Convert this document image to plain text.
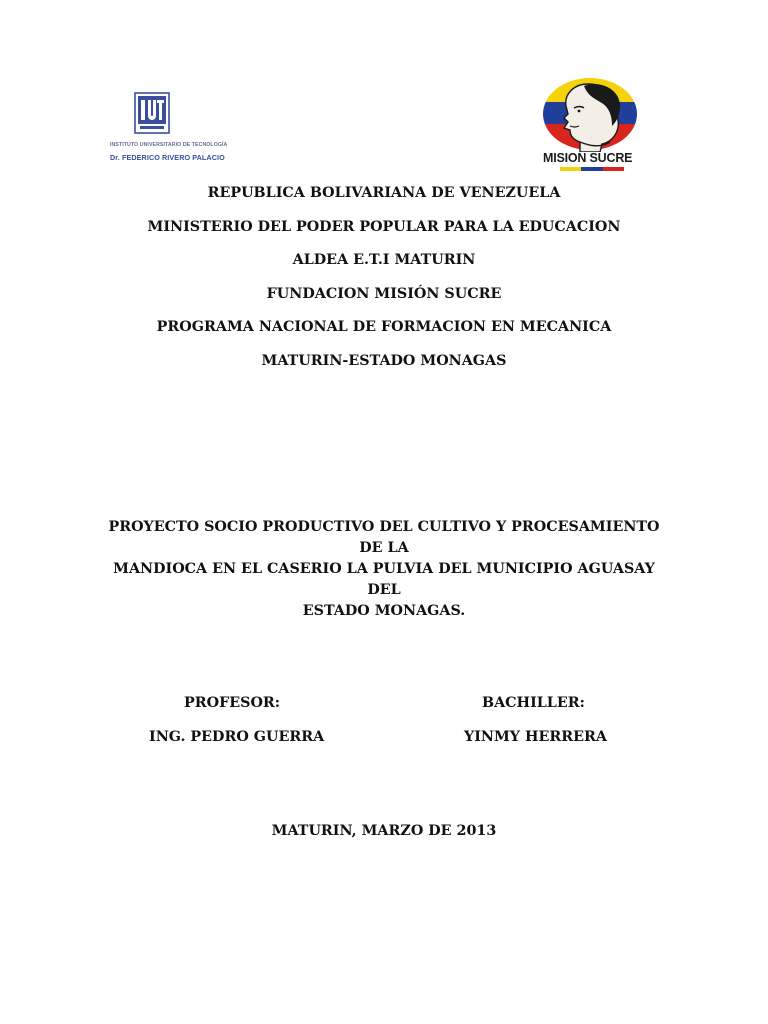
INSTITUTO UNIVERSITARIO DE TECNOLOGÍA
Dr. FEDERICO RIVERO PALACIO	MISION SUCRE
REPUBLICA BOLIVARIANA DE VENEZUELA
MINISTERIO DEL PODER POPULAR PARA LA EDUCACION
ALDEA E.T.I MATURIN
FUNDACION MISIÓN SUCRE
PROGRAMA NACIONAL DE FORMACION EN MECANICA
MATURIN-ESTADO MONAGAS
PROYECTO SOCIO PRODUCTIVO DEL CULTIVO Y PROCESAMIENTO DE LA
MANDIOCA EN EL CASERIO LA PULVIA DEL MUNICIPIO AGUASAY DEL
ESTADO MONAGAS.
PROFESOR:
ING. PEDRO GUERRA
BACHILLER:
YINMY HERRERA
MATURIN, MARZO DE 2013
